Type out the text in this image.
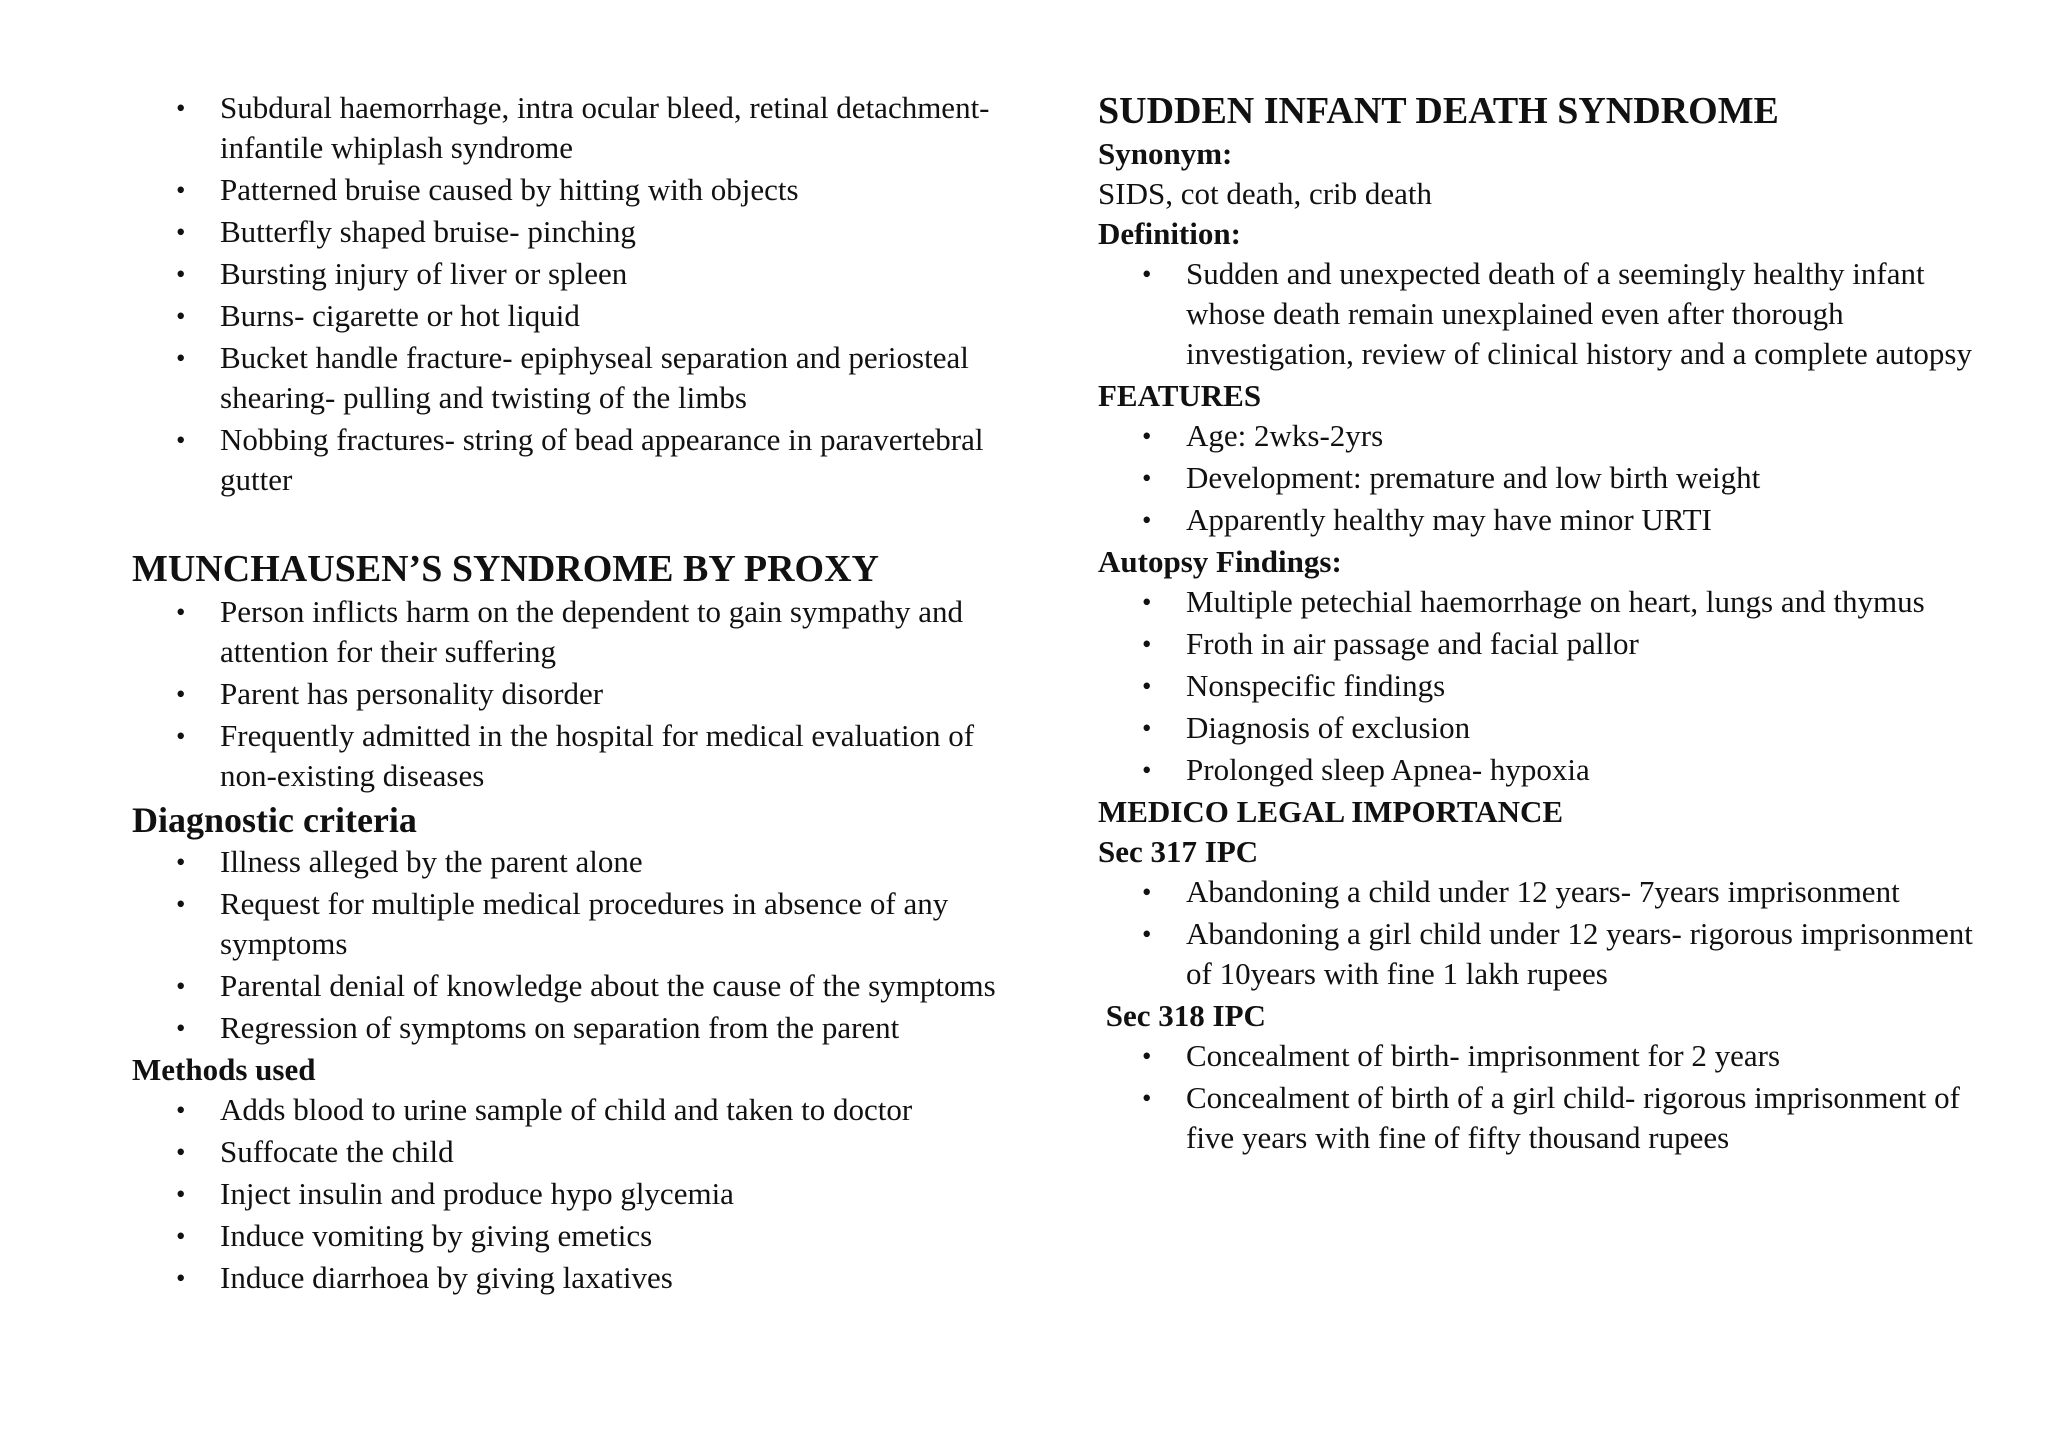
• Subdural haemorrhage, intra ocular bleed, retinal detachment- infantile whiplash syndrome
• Patterned bruise caused by hitting with objects
• Butterfly shaped bruise- pinching
• Bursting injury of liver or spleen
• Burns- cigarette or hot liquid
• Bucket handle fracture- epiphyseal separation and periosteal shearing- pulling and twisting of the limbs
• Nobbing fractures- string of bead appearance in paravertebral gutter
MUNCHAUSEN’S SYNDROME BY PROXY
• Person inflicts harm on the dependent to gain sympathy and attention for their suffering
• Parent has personality disorder
• Frequently admitted in the hospital for medical evaluation of non-existing diseases
Diagnostic criteria
• Illness alleged by the parent alone
• Request for multiple medical procedures in absence of any symptoms
• Parental denial of knowledge about the cause of the symptoms
• Regression of symptoms on separation from the parent
Methods used
• Adds blood to urine sample of child and taken to doctor
• Suffocate the child
• Inject insulin and produce hypo glycemia
• Induce vomiting by giving emetics
• Induce diarrhoea by giving laxatives
SUDDEN INFANT DEATH SYNDROME
Synonym:
SIDS, cot death, crib death
Definition:
• Sudden and unexpected death of a seemingly healthy infant whose death remain unexplained even after thorough investigation, review of clinical history and a complete autopsy
FEATURES
• Age: 2wks-2yrs
• Development: premature and low birth weight
• Apparently healthy may have minor URTI
Autopsy Findings:
• Multiple petechial haemorrhage on heart, lungs and thymus
• Froth in air passage and facial pallor
• Nonspecific findings
• Diagnosis of exclusion
• Prolonged sleep Apnea- hypoxia
MEDICO LEGAL IMPORTANCE
Sec 317 IPC
• Abandoning a child under 12 years- 7years imprisonment
• Abandoning a girl child under 12 years- rigorous imprisonment of 10years with fine 1 lakh rupees
Sec 318 IPC
• Concealment of birth- imprisonment for 2 years
• Concealment of birth of a girl child- rigorous imprisonment of five years with fine of fifty thousand rupees
